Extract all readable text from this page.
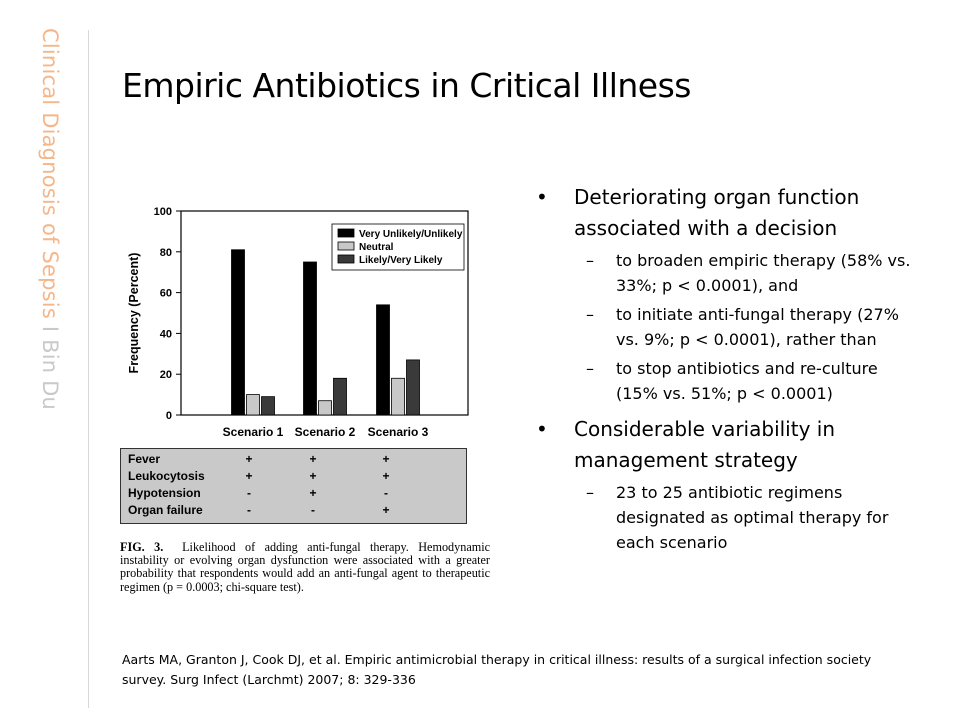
Clinical Diagnosis of Sepsis I Bin Du
Empiric Antibiotics in Critical Illness
0
20
40
60
80
100
Frequency (Percent)
Scenario 1 Scenario 2 Scenario 3
Very Unlikely/Unlikely
Neutral
Likely/Very Likely
Fever	+	+	+
Leukocytosis	+	+	+
Hypotension	-	+	-
Organ failure	-	-	+
FIG. 3. Likelihood of adding anti-fungal therapy. Hemodynamic instability or evolving organ dysfunction were associated with a greater probability that respondents would add an anti-fungal agent to therapeutic regimen (p = 0.0003; chi-square test).
• Deteriorating organ function associated with a decision
– to broaden empiric therapy (58% vs. 33%; p < 0.0001), and
– to initiate anti-fungal therapy (27% vs. 9%; p < 0.0001), rather than
– to stop antibiotics and re-culture (15% vs. 51%; p < 0.0001)
• Considerable variability in management strategy
– 23 to 25 antibiotic regimens designated as optimal therapy for each scenario
Aarts MA, Granton J, Cook DJ, et al. Empiric antimicrobial therapy in critical illness: results of a surgical infection society survey. Surg Infect (Larchmt) 2007; 8: 329-336
